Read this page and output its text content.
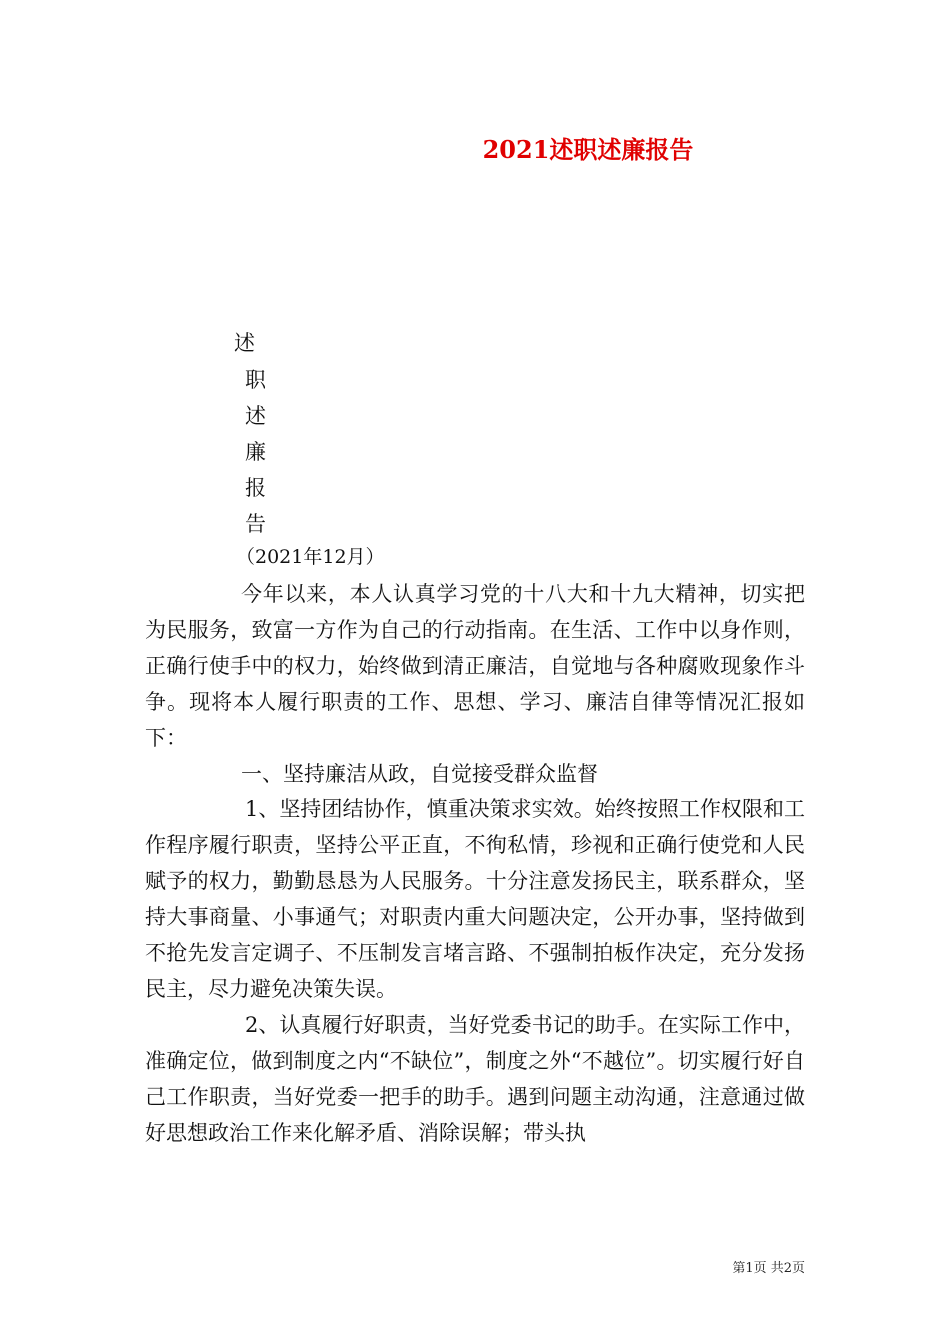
2021述职述廉报告
述
职
述
廉
报
告
（2021年12月）

今年以来，本人认真学习党的十八大和十九大精神，切实把为民服务，致富一方作为自己的行动指南。在生活、工作中以身作则，正确行使手中的权力，始终做到清正廉洁，自觉地与各种腐败现象作斗争。现将本人履行职责的工作、思想、学习、廉洁自律等情况汇报如下：

一、坚持廉洁从政，自觉接受群众监督

1、坚持团结协作，慎重决策求实效。始终按照工作权限和工作程序履行职责，坚持公平正直，不徇私情，珍视和正确行使党和人民赋予的权力，勤勤恳恳为人民服务。十分注意发扬民主，联系群众，坚持大事商量、小事通气；对职责内重大问题决定，公开办事，坚持做到不抢先发言定调子、不压制发言堵言路、不强制拍板作决定，充分发扬民主，尽力避免决策失误。

2、认真履行好职责，当好党委书记的助手。在实际工作中，准确定位，做到制度之内“不缺位”，制度之外“不越位”。切实履行好自己工作职责，当好党委一把手的助手。遇到问题主动沟通，注意通过做好思想政治工作来化解矛盾、消除误解；带头执

第1页 共2页
